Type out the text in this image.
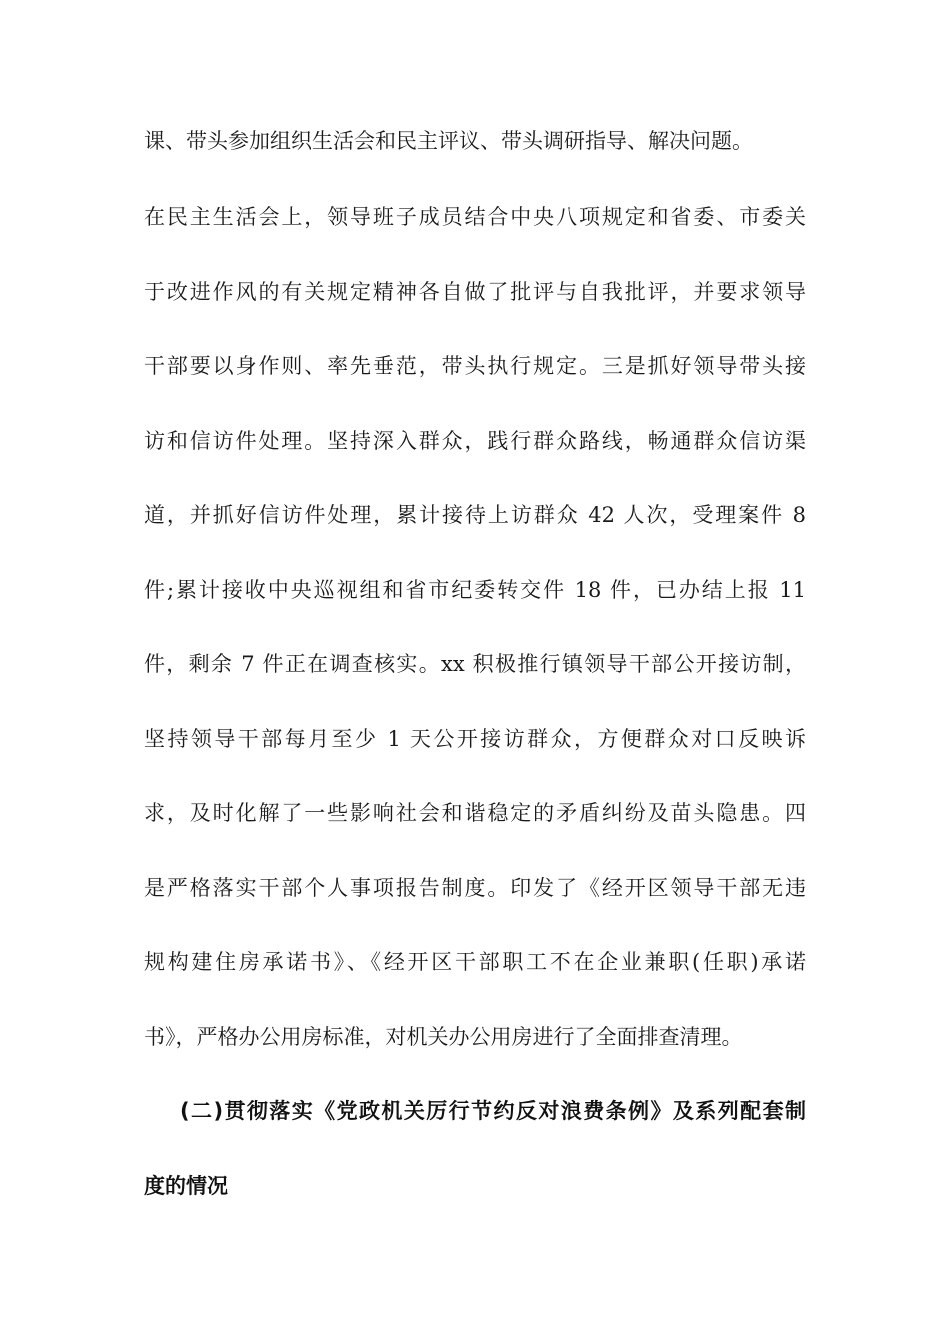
课、带头参加组织生活会和民主评议、带头调研指导、解决问题。
在民主生活会上，领导班子成员结合中央八项规定和省委、市委关
于改进作风的有关规定精神各自做了批评与自我批评，并要求领导
干部要以身作则、率先垂范，带头执行规定。三是抓好领导带头接
访和信访件处理。坚持深入群众，践行群众路线，畅通群众信访渠
道，并抓好信访件处理，累计接待上访群众 42 人次，受理案件 8
件;累计接收中央巡视组和省市纪委转交件 18 件，已办结上报 11
件，剩余 7 件正在调查核实。xx 积极推行镇领导干部公开接访制，
坚持领导干部每月至少 1 天公开接访群众，方便群众对口反映诉
求，及时化解了一些影响社会和谐稳定的矛盾纠纷及苗头隐患。四
是严格落实干部个人事项报告制度。印发了《经开区领导干部无违
规构建住房承诺书》、《经开区干部职工不在企业兼职(任职)承诺
书》，严格办公用房标准，对机关办公用房进行了全面排查清理。
(二)贯彻落实《党政机关厉行节约反对浪费条例》及系列配套制
度的情况
